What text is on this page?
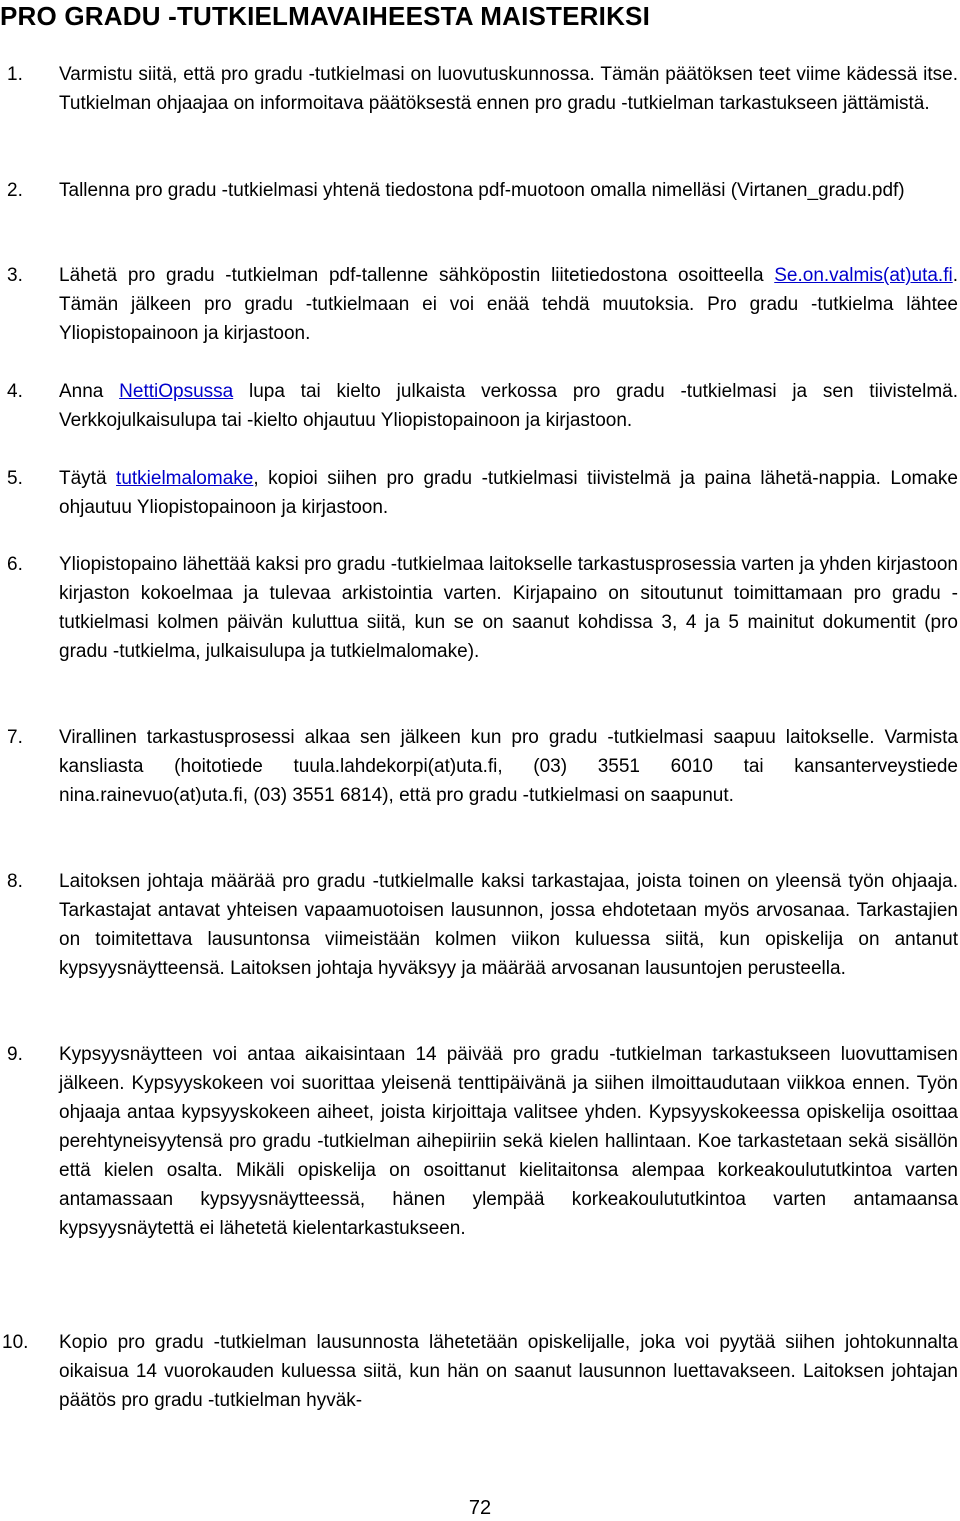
PRO GRADU -TUTKIELMAVAIHEESTA MAISTERIKSI
1. Varmistu siitä, että pro gradu -tutkielmasi on luovutuskunnossa. Tämän päätöksen teet viime kädessä itse. Tutkielman ohjaajaa on informoitava päätöksestä ennen pro gradu -tutkielman tarkastukseen jättämistä.
2. Tallenna pro gradu -tutkielmasi yhtenä tiedostona pdf-muotoon omalla nimelläsi (Virtanen_gradu.pdf)
3. Lähetä pro gradu -tutkielman pdf-tallenne sähköpostin liitetiedostona osoitteella Se.on.valmis(at)uta.fi. Tämän jälkeen pro gradu -tutkielmaan ei voi enää tehdä muutoksia. Pro gradu -tutkielma lähtee Yliopistopainoon ja kirjastoon.
4. Anna NettiOpsussa lupa tai kielto julkaista verkossa pro gradu -tutkielmasi ja sen tiivistelmä. Verkkojulkaisulupa tai -kielto ohjautuu Yliopistopainoon ja kirjastoon.
5. Täytä tutkielmalomake, kopioi siihen pro gradu -tutkielmasi tiivistelmä ja paina lähetä-nappia. Lomake ohjautuu Yliopistopainoon ja kirjastoon.
6. Yliopistopaino lähettää kaksi pro gradu -tutkielmaa laitokselle tarkastusprosessia varten ja yhden kirjastoon kirjaston kokoelmaa ja tulevaa arkistointia varten. Kirjapaino on sitoutunut toimittamaan pro gradu -tutkielmasi kolmen päivän kuluttua siitä, kun se on saanut kohdissa 3, 4 ja 5 mainitut dokumentit (pro gradu -tutkielma, julkaisulupa ja tutkielmalomake).
7. Virallinen tarkastusprosessi alkaa sen jälkeen kun pro gradu -tutkielmasi saapuu laitokselle. Varmista kansliasta (hoitotiede tuula.lahdekorpi(at)uta.fi, (03) 3551 6010 tai kansanterveystiede nina.rainevuo(at)uta.fi, (03) 3551 6814), että pro gradu -tutkielmasi on saapunut.
8. Laitoksen johtaja määrää pro gradu -tutkielmalle kaksi tarkastajaa, joista toinen on yleensä työn ohjaaja. Tarkastajat antavat yhteisen vapaamuotoisen lausunnon, jossa ehdotetaan myös arvosanaa. Tarkastajien on toimitettava lausuntonsa viimeistään kolmen viikon kuluessa siitä, kun opiskelija on antanut kypsyysnäytteensä. Laitoksen johtaja hyväksyy ja määrää arvosanan lausuntojen perusteella.
9. Kypsyysnäytteen voi antaa aikaisintaan 14 päivää pro gradu -tutkielman tarkastukseen luovuttamisen jälkeen. Kypsyyskokeen voi suorittaa yleisenä tenttipäivänä ja siihen ilmoittaudutaan viikkoa ennen. Työn ohjaaja antaa kypsyyskokeen aiheet, joista kirjoittaja valitsee yhden. Kypsyyskokeessa opiskelija osoittaa perehtyneisyytensä pro gradu -tutkielman aihepiiriin sekä kielen hallintaan. Koe tarkastetaan sekä sisällön että kielen osalta. Mikäli opiskelija on osoittanut kielitaitonsa alempaa korkeakoulututkintoa varten antamassaan kypsyysnäytteessä, hänen ylempää korkeakoulututkintoa varten antamaansa kypsyysnäytettä ei lähetetä kielentarkastukseen.
10. Kopio pro gradu -tutkielman lausunnosta lähetetään opiskelijalle, joka voi pyytää siihen johtokunnalta oikaisua 14 vuorokauden kuluessa siitä, kun hän on saanut lausunnon luettavakseen. Laitoksen johtajan päätös pro gradu -tutkielman hyväk-
72
